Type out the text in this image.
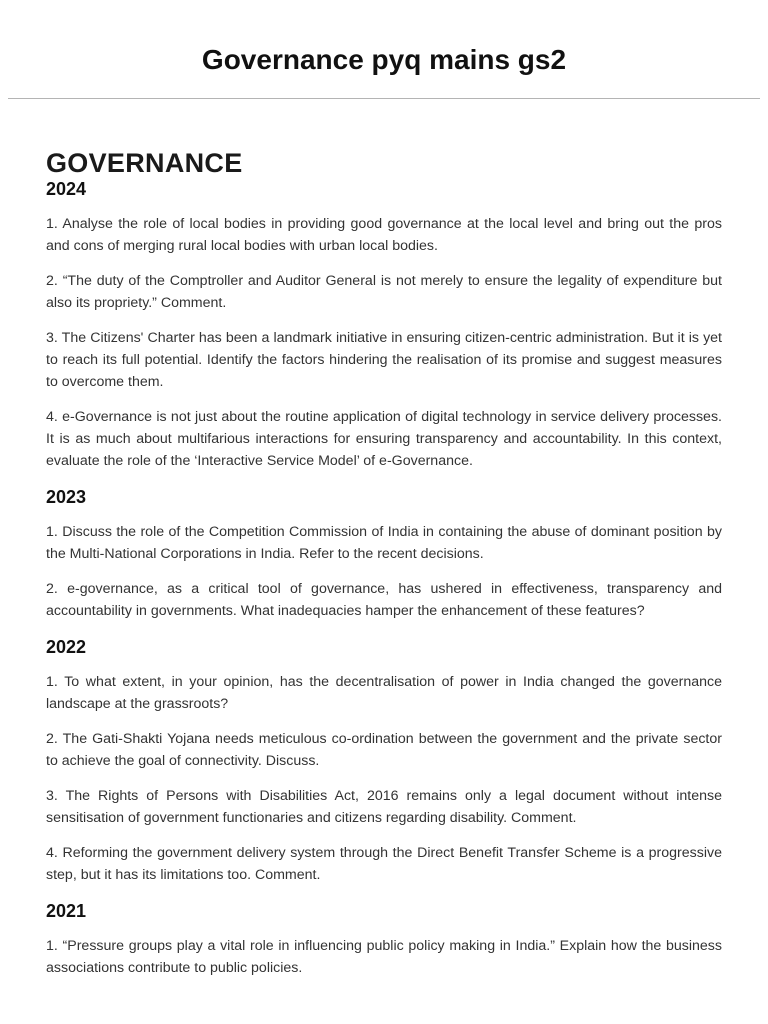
Governance pyq mains gs2
GOVERNANCE
2024

1. Analyse the role of local bodies in providing good governance at the local level and bring out the pros and cons of merging rural local bodies with urban local bodies.

2. “The duty of the Comptroller and Auditor General is not merely to ensure the legality of expenditure but also its propriety.” Comment.

3. The Citizens' Charter has been a landmark initiative in ensuring citizen-centric administration. But it is yet to reach its full potential. Identify the factors hindering the realisation of its promise and suggest measures to overcome them.

4. e-Governance is not just about the routine application of digital technology in service delivery processes. It is as much about multifarious interactions for ensuring transparency and accountability. In this context, evaluate the role of the ‘Interactive Service Model’ of e-Governance.

2023

1. Discuss the role of the Competition Commission of India in containing the abuse of dominant position by the Multi-National Corporations in India. Refer to the recent decisions.

2. e-governance, as a critical tool of governance, has ushered in effectiveness, transparency and accountability in governments. What inadequacies hamper the enhancement of these features?

2022

1. To what extent, in your opinion, has the decentralisation of power in India changed the governance landscape at the grassroots?

2. The Gati-Shakti Yojana needs meticulous co-ordination between the government and the private sector to achieve the goal of connectivity. Discuss.

3. The Rights of Persons with Disabilities Act, 2016 remains only a legal document without intense sensitisation of government functionaries and citizens regarding disability. Comment.

4. Reforming the government delivery system through the Direct Benefit Transfer Scheme is a progressive step, but it has its limitations too. Comment.

2021

1. “Pressure groups play a vital role in influencing public policy making in India.” Explain how the business associations contribute to public policies.
